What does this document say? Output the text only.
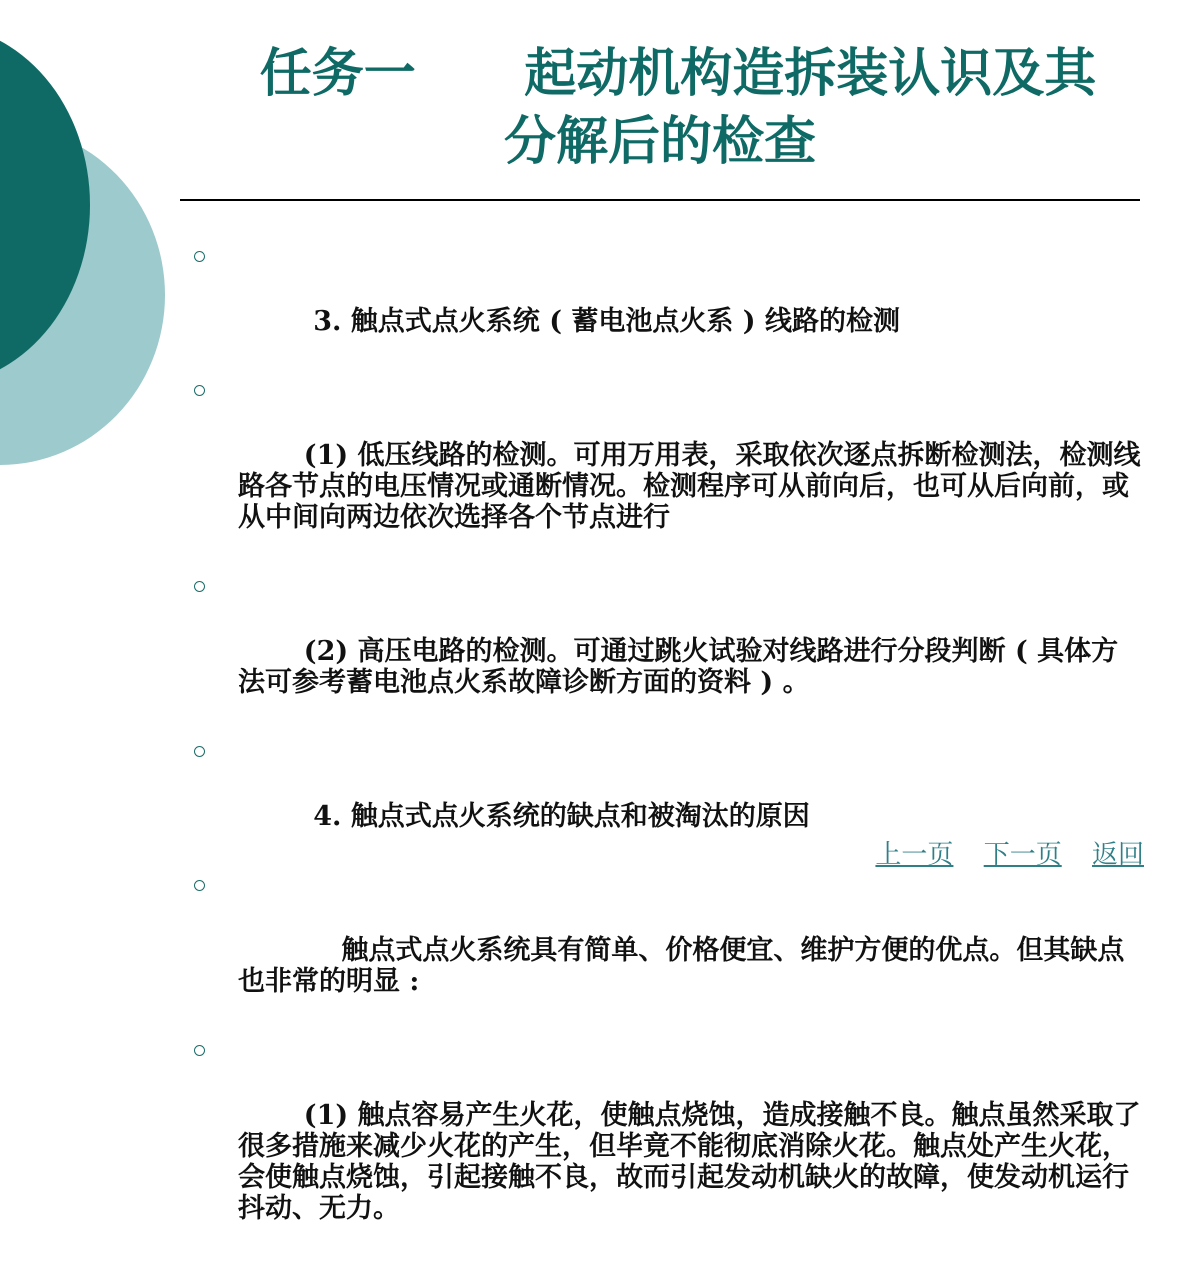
任务一      起动机构造拆装认识及其
分解后的检查

3. 触点式点火系统 ( 蓄电池点火系 ) 线路的检测

(1) 低压线路的检测。可用万用表，采取依次逐点拆断检测法，检测线路各节点的电压情况或通断情况。检测程序可从前向后，也可从后向前，或从中间向两边依次选择各个节点进行

(2) 高压电路的检测。可通过跳火试验对线路进行分段判断 ( 具体方法可参考蓄电池点火系故障诊断方面的资料 ) 。

4. 触点式点火系统的缺点和被淘汰的原因

触点式点火系统具有简单、价格便宜、维护方便的优点。但其缺点也非常的明显 :

(1) 触点容易产生火花，使触点烧蚀，造成接触不良。触点虽然采取了很多措施来减少火花的产生，但毕竟不能彻底消除火花。触点处产生火花，会使触点烧蚀，引起接触不良，故而引起发动机缺火的故障，使发动机运行抖动、无力。

上一页 下一页 返回
